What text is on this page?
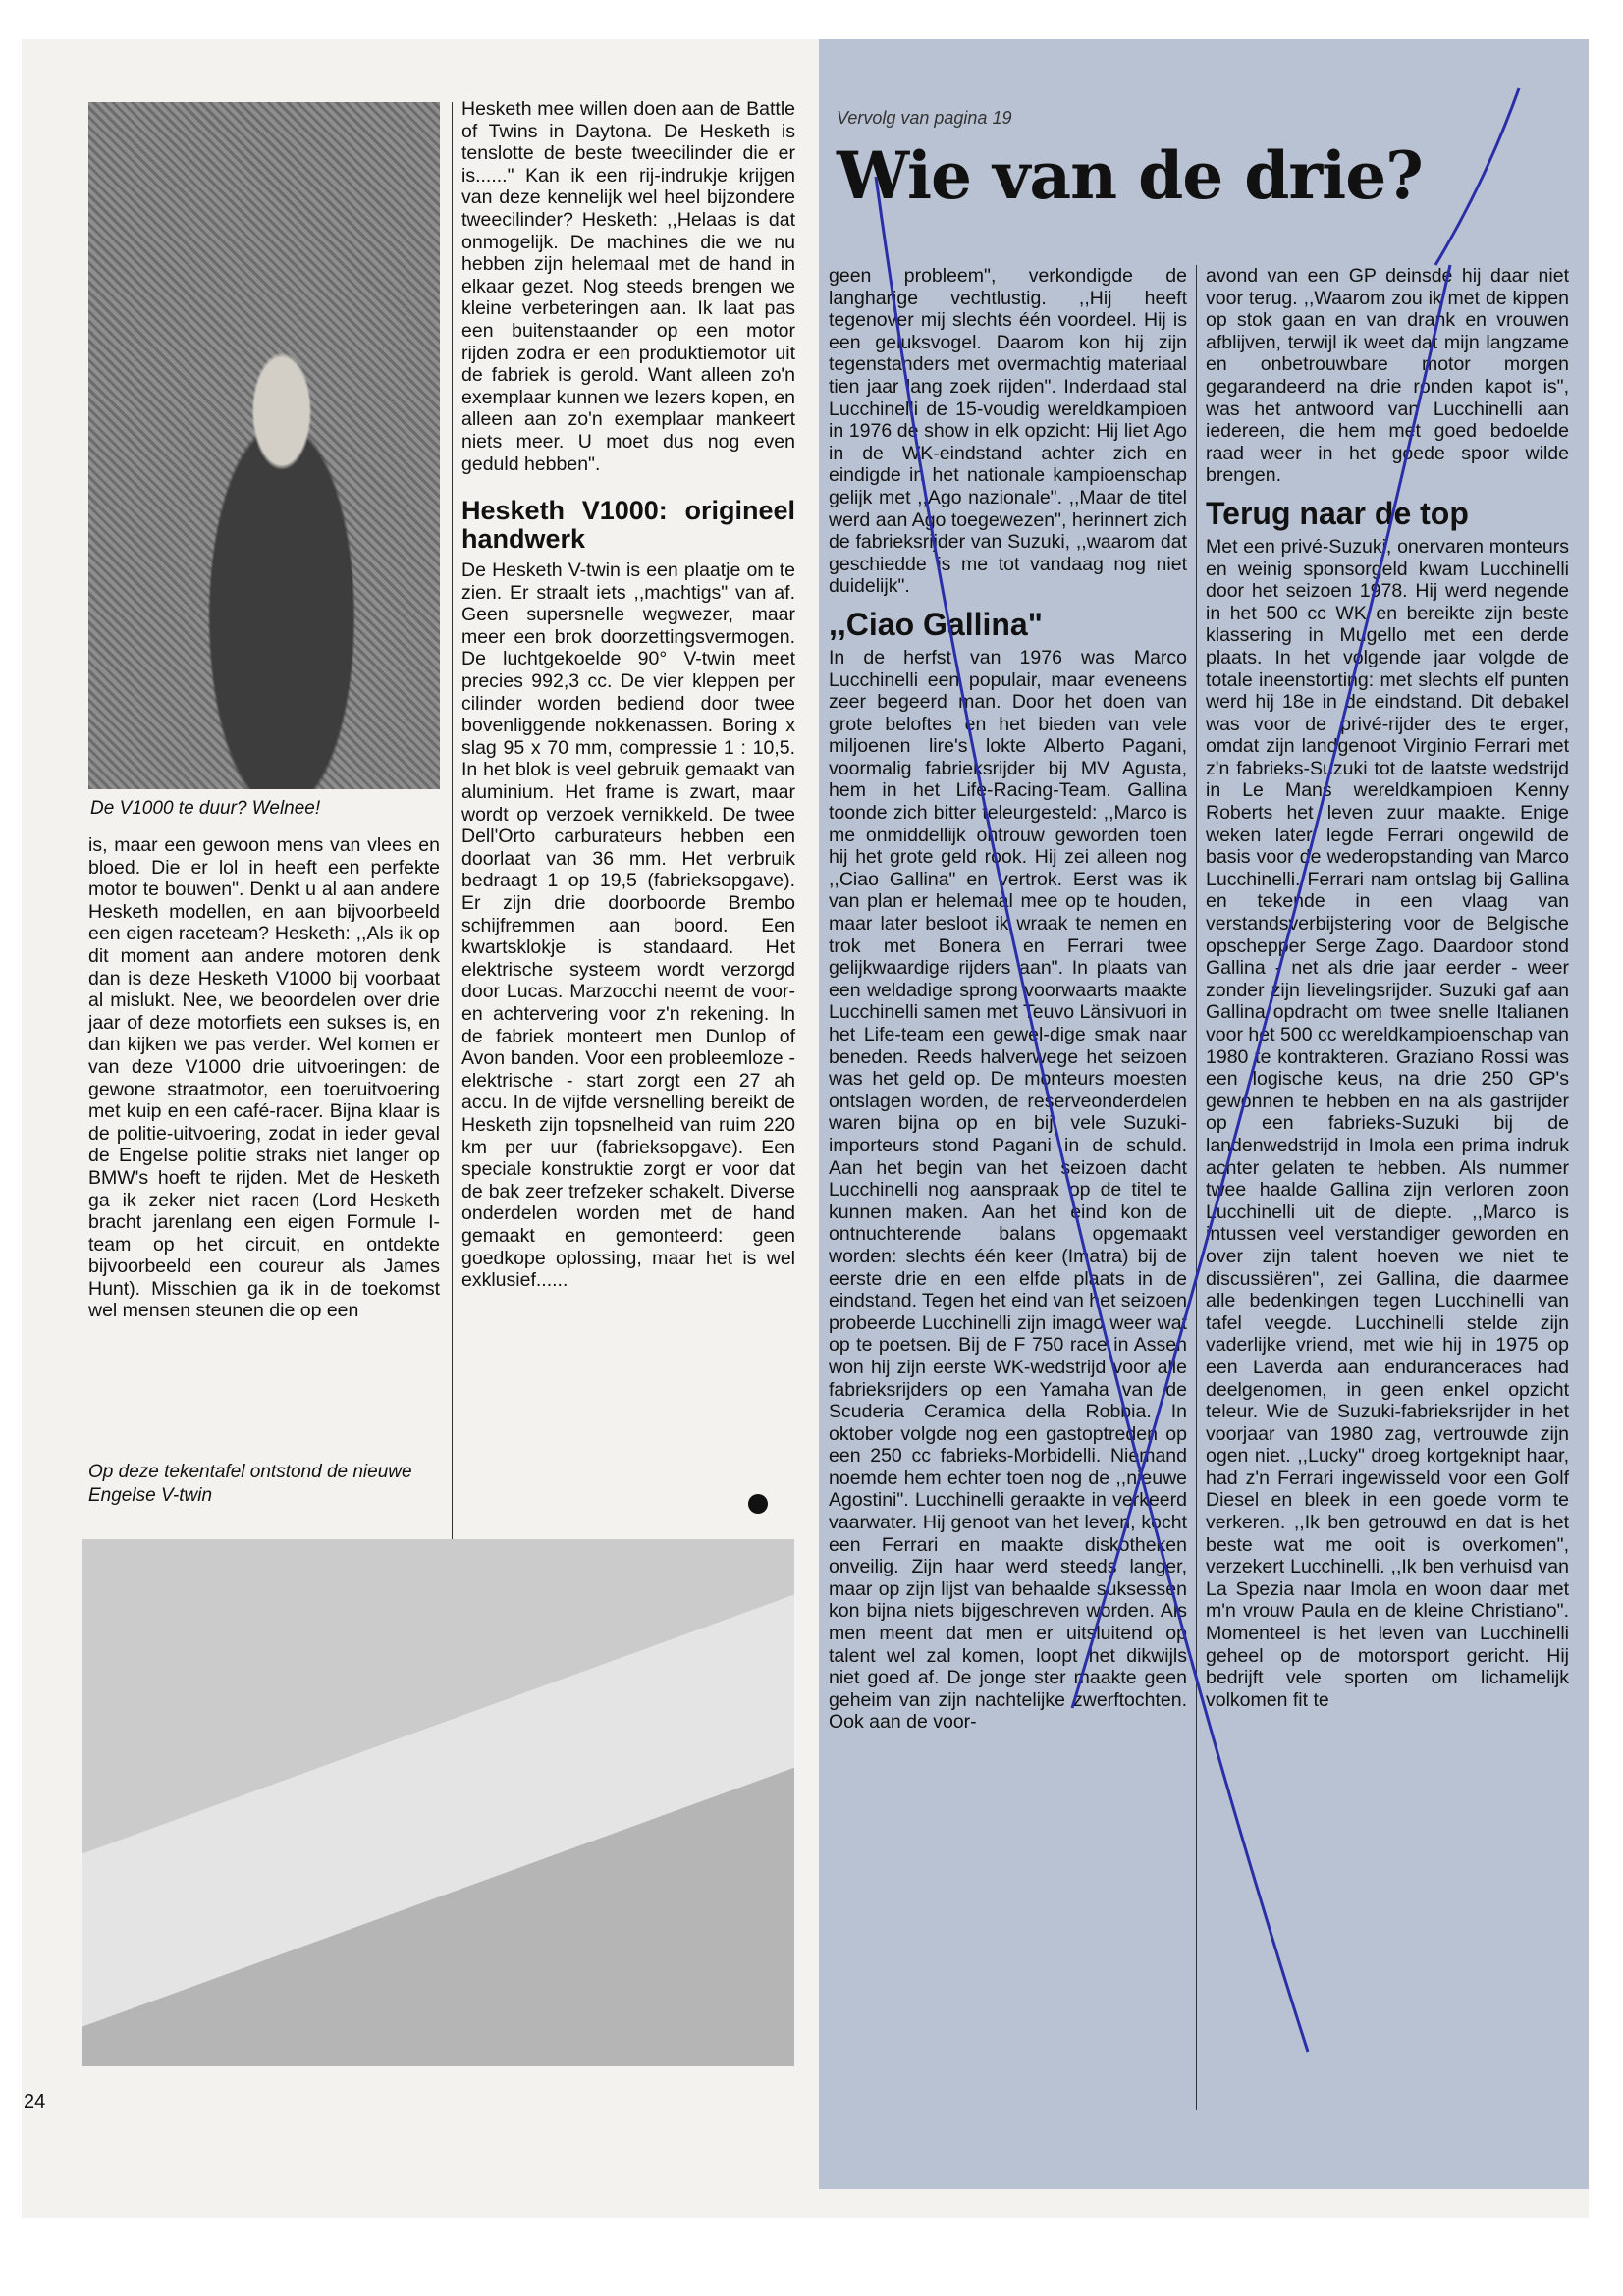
De V1000 te duur? Welnee!

is, maar een gewoon mens van vlees en bloed. Die er lol in heeft een perfekte motor te bouwen". Denkt u al aan andere Hesketh modellen, en aan bijvoorbeeld een eigen raceteam? Hesketh: ,,Als ik op dit moment aan andere motoren denk dan is deze Hesketh V1000 bij voorbaat al mislukt. Nee, we beoordelen over drie jaar of deze motorfiets een sukses is, en dan kijken we pas verder. Wel komen er van deze V1000 drie uitvoeringen: de gewone straatmotor, een toeruitvoering met kuip en een café-racer. Bijna klaar is de politie-uitvoering, zodat in ieder geval de Engelse politie straks niet langer op BMW's hoeft te rijden. Met de Hesketh ga ik zeker niet racen (Lord Hesketh bracht jarenlang een eigen Formule I-team op het circuit, en ontdekte bijvoorbeeld een coureur als James Hunt). Misschien ga ik in de toekomst wel mensen steunen die op een

Op deze tekentafel ontstond de nieuwe Engelse V-twin

Hesketh mee willen doen aan de Battle of Twins in Daytona. De Hesketh is tenslotte de beste tweecilinder die er is......" Kan ik een rij-indrukje krijgen van deze kennelijk wel heel bijzondere tweecilinder? Hesketh: ,,Helaas is dat onmogelijk. De machines die we nu hebben zijn helemaal met de hand in elkaar gezet. Nog steeds brengen we kleine verbeteringen aan. Ik laat pas een buitenstaander op een motor rijden zodra er een produktiemotor uit de fabriek is gerold. Want alleen zo'n exemplaar kunnen we lezers kopen, en alleen aan zo'n exemplaar mankeert niets meer. U moet dus nog even geduld hebben".

Hesketh V1000: origineel handwerk

De Hesketh V-twin is een plaatje om te zien. Er straalt iets ,,machtigs" van af. Geen supersnelle wegwezer, maar meer een brok doorzettingsvermogen. De luchtgekoelde 90° V-twin meet precies 992,3 cc. De vier kleppen per cilinder worden bediend door twee bovenliggende nokkenassen. Boring x slag 95 x 70 mm, compressie 1 : 10,5. In het blok is veel gebruik gemaakt van aluminium. Het frame is zwart, maar wordt op verzoek vernikkeld. De twee Dell'Orto carburateurs hebben een doorlaat van 36 mm. Het verbruik bedraagt 1 op 19,5 (fabrieksopgave). Er zijn drie doorboorde Brembo schijfremmen aan boord. Een kwartsklokje is standaard. Het elektrische systeem wordt verzorgd door Lucas. Marzocchi neemt de voor- en achtervering voor z'n rekening. In de fabriek monteert men Dunlop of Avon banden. Voor een probleemloze - elektrische - start zorgt een 27 ah accu. In de vijfde versnelling bereikt de Hesketh zijn topsnelheid van ruim 220 km per uur (fabrieksopgave). Een speciale konstruktie zorgt er voor dat de bak zeer trefzeker schakelt. Diverse onderdelen worden met de hand gemaakt en gemonteerd: geen goedkope oplossing, maar het is wel exklusief......

24
Vervolg van pagina 19
Wie van de drie?

geen probleem", verkondigde de langharige vechtlustig. ,,Hij heeft tegenover mij slechts één voordeel. Hij is een geluksvogel. Daarom kon hij zijn tegenstanders met overmachtig materiaal tien jaar lang zoek rijden". Inderdaad stal Lucchinelli de 15-voudig wereldkampioen in 1976 de show in elk opzicht: Hij liet Ago in de WK-eindstand achter zich en eindigde in het nationale kampioenschap gelijk met ,,Ago nazionale". ,,Maar de titel werd aan Ago toegewezen", herinnert zich de fabrieksrijder van Suzuki, ,,waarom dat geschiedde is me tot vandaag nog niet duidelijk".

,,Ciao Gallina"

In de herfst van 1976 was Marco Lucchinelli een populair, maar eveneens zeer begeerd man. Door het doen van grote beloftes en het bieden van vele miljoenen lire's lokte Alberto Pagani, voormalig fabrieksrijder bij MV Agusta, hem in het Life-Racing-Team. Gallina toonde zich bitter teleurgesteld: ,,Marco is me onmiddellijk ontrouw geworden toen hij het grote geld rook. Hij zei alleen nog ,,Ciao Gallina" en vertrok. Eerst was ik van plan er helemaal mee op te houden, maar later besloot ik wraak te nemen en trok met Bonera en Ferrari twee gelijkwaardige rijders aan". In plaats van een weldadige sprong voorwaarts maakte Lucchinelli samen met Teuvo Länsivuori in het Life-team een gewel-dige smak naar beneden. Reeds halverwege het seizoen was het geld op. De monteurs moesten ontslagen worden, de reserveonderdelen waren bijna op en bij vele Suzuki-importeurs stond Pagani in de schuld. Aan het begin van het seizoen dacht Lucchinelli nog aanspraak op de titel te kunnen maken. Aan het eind kon de ontnuchterende balans opgemaakt worden: slechts één keer (Imatra) bij de eerste drie en een elfde plaats in de eindstand. Tegen het eind van het seizoen probeerde Lucchinelli zijn imago weer wat op te poetsen. Bij de F 750 race in Assen won hij zijn eerste WK-wedstrijd voor alle fabrieksrijders op een Yamaha van de Scuderia Ceramica della Robbia. In oktober volgde nog een gastoptreden op een 250 cc fabrieks-Morbidelli. Niemand noemde hem echter toen nog de ,,nieuwe Agostini". Lucchinelli geraakte in verkeerd vaarwater. Hij genoot van het leven, kocht een Ferrari en maakte diskotheken onveilig. Zijn haar werd steeds langer, maar op zijn lijst van behaalde suksessen kon bijna niets bijgeschreven worden. Als men meent dat men er uitsluitend op talent wel zal komen, loopt het dikwijls niet goed af. De jonge ster maakte geen geheim van zijn nachtelijke zwerftochten. Ook aan de voor-

avond van een GP deinsde hij daar niet voor terug. ,,Waarom zou ik met de kippen op stok gaan en van drank en vrouwen afblijven, terwijl ik weet dat mijn langzame en onbetrouwbare motor morgen gegarandeerd na drie ronden kapot is", was het antwoord van Lucchinelli aan iedereen, die hem met goed bedoelde raad weer in het goede spoor wilde brengen.

Terug naar de top

Met een privé-Suzuki, onervaren monteurs en weinig sponsorgeld kwam Lucchinelli door het seizoen 1978. Hij werd negende in het 500 cc WK en bereikte zijn beste klassering in Mugello met een derde plaats. In het volgende jaar volgde de totale ineenstorting: met slechts elf punten werd hij 18e in de eindstand. Dit debakel was voor de privé-rijder des te erger, omdat zijn landgenoot Virginio Ferrari met z'n fabrieks-Suzuki tot de laatste wedstrijd in Le Mans wereldkampioen Kenny Roberts het leven zuur maakte. Enige weken later legde Ferrari ongewild de basis voor de wederopstanding van Marco Lucchinelli. Ferrari nam ontslag bij Gallina en tekende in een vlaag van verstandsverbijstering voor de Belgische opschepper Serge Zago. Daardoor stond Gallina - net als drie jaar eerder - weer zonder zijn lievelingsrijder. Suzuki gaf aan Gallina opdracht om twee snelle Italianen voor het 500 cc wereldkampioenschap van 1980 te kontrakteren. Graziano Rossi was een logische keus, na drie 250 GP's gewonnen te hebben en na als gastrijder op een fabrieks-Suzuki bij de landenwedstrijd in Imola een prima indruk achter gelaten te hebben. Als nummer twee haalde Gallina zijn verloren zoon Lucchinelli uit de diepte. ,,Marco is intussen veel verstandiger geworden en over zijn talent hoeven we niet te discussiëren", zei Gallina, die daarmee alle bedenkingen tegen Lucchinelli van tafel veegde. Lucchinelli stelde zijn vaderlijke vriend, met wie hij in 1975 op een Laverda aan enduranceraces had deelgenomen, in geen enkel opzicht teleur. Wie de Suzuki-fabrieksrijder in het voorjaar van 1980 zag, vertrouwde zijn ogen niet. ,,Lucky" droeg kortgeknipt haar, had z'n Ferrari ingewisseld voor een Golf Diesel en bleek in een goede vorm te verkeren. ,,Ik ben getrouwd en dat is het beste wat me ooit is overkomen", verzekert Lucchinelli. ,,Ik ben verhuisd van La Spezia naar Imola en woon daar met m'n vrouw Paula en de kleine Christiano". Momenteel is het leven van Lucchinelli geheel op de motorsport gericht. Hij bedrijft vele sporten om lichamelijk volkomen fit te
